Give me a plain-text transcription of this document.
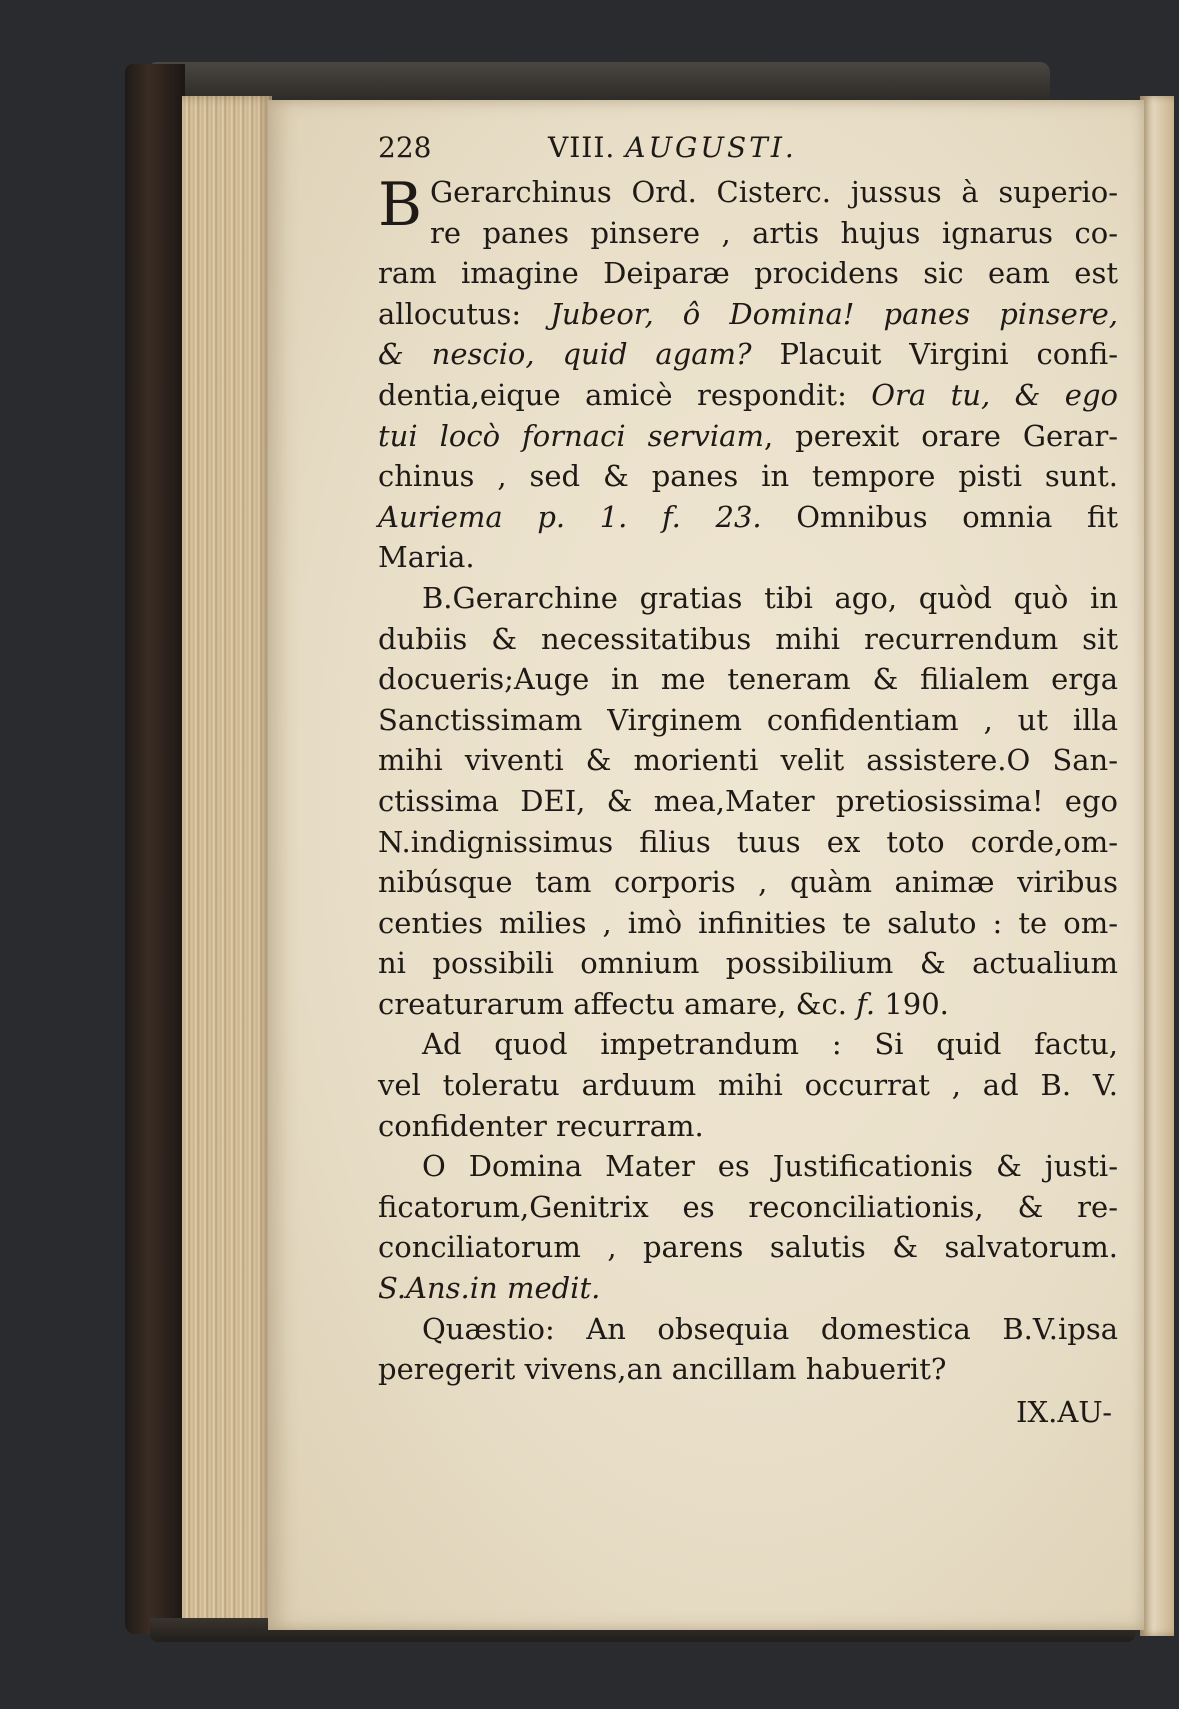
228	VIII. AUGUSTI.
B Gerarchinus Ord. Cisterc. jussus à superio-
re panes pinsere , artis hujus ignarus co-
ram imagine Deiparæ procidens sic eam est
allocutus: Jubeor, ô Domina! panes pinsere,
& nescio, quid agam? Placuit Virgini confi-
dentia,eique amicè respondit: Ora tu, & ego
tui locò fornaci serviam, perexit orare Gerar-
chinus , sed & panes in tempore pisti sunt.
Auriema p. 1. f. 23. Omnibus omnia fit
Maria.
B.Gerarchine gratias tibi ago, quòd quò in
dubiis & necessitatibus mihi recurrendum sit
docueris;Auge in me teneram & filialem erga
Sanctissimam Virginem confidentiam , ut illa
mihi viventi & morienti velit assistere.O San-
ctissima DEI, & mea,Mater pretiosissima! ego
N.indignissimus filius tuus ex toto corde,om-
nibúsque tam corporis , quàm animæ viribus
centies milies , imò infinities te saluto : te om-
ni possibili omnium possibilium & actualium
creaturarum affectu amare, &c. f. 190.
Ad quod impetrandum : Si quid factu,
vel toleratu arduum mihi occurrat , ad B. V.
confidenter recurram.
O Domina Mater es Justificationis & justi-
ficatorum,Genitrix es reconciliationis, & re-
conciliatorum , parens salutis & salvatorum.
S.Ans.in medit.
Quæstio: An obsequia domestica B.V.ipsa
peregerit vivens,an ancillam habuerit?
IX.AU-
